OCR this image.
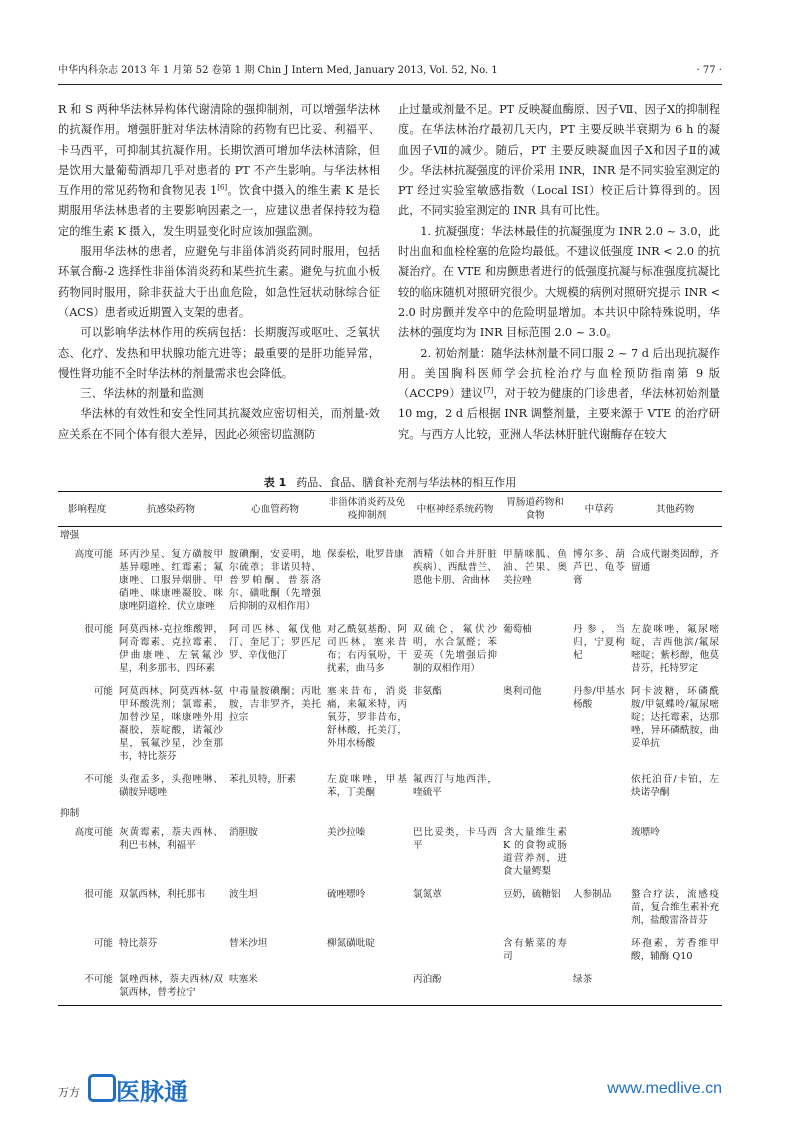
中华内科杂志 2013 年 1 月第 52 卷第 1 期 Chin J Intern Med, January 2013, Vol. 52, No. 1	· 77 ·

R 和 S 两种华法林异构体代谢清除的强抑制剂，可以增强华法林的抗凝作用。增强肝脏对华法林清除的药物有巴比妥、利福平、卡马西平，可抑制其抗凝作用。长期饮酒可增加华法林清除，但是饮用大量葡萄酒却几乎对患者的 PT 不产生影响。与华法林相互作用的常见药物和食物见表 1[6]。饮食中摄入的维生素 K 是长期服用华法林患者的主要影响因素之一，应建议患者保持较为稳定的维生素 K 摄入，发生明显变化时应该加强监测。

服用华法林的患者，应避免与非甾体消炎药同时服用，包括环氧合酶-2 选择性非甾体消炎药和某些抗生素。避免与抗血小板药物同时服用，除非获益大于出血危险，如急性冠状动脉综合征（ACS）患者或近期置入支架的患者。

可以影响华法林作用的疾病包括：长期腹泻或呕吐、乏氧状态、化疗、发热和甲状腺功能亢进等；最重要的是肝功能异常，慢性肾功能不全时华法林的剂量需求也会降低。

三、华法林的剂量和监测

华法林的有效性和安全性同其抗凝效应密切相关，而剂量-效应关系在不同个体有很大差异，因此必须密切监测防

止过量或剂量不足。PT 反映凝血酶原、因子Ⅶ、因子Ⅹ的抑制程度。在华法林治疗最初几天内，PT 主要反映半衰期为 6 h 的凝血因子Ⅶ的减少。随后，PT 主要反映凝血因子Ⅹ和因子Ⅱ的减少。华法林抗凝强度的评价采用 INR，INR 是不同实验室测定的 PT 经过实验室敏感指数（Local ISI）校正后计算得到的。因此，不同实验室测定的 INR 具有可比性。

1. 抗凝强度：华法林最佳的抗凝强度为 INR 2.0 ~ 3.0，此时出血和血栓栓塞的危险均最低。不建议低强度 INR < 2.0 的抗凝治疗。在 VTE 和房颤患者进行的低强度抗凝与标准强度抗凝比较的临床随机对照研究很少。大规模的病例对照研究提示 INR < 2.0 时房颤并发卒中的危险明显增加。本共识中除特殊说明，华法林的强度均为 INR 目标范围 2.0 ~ 3.0。

2. 初始剂量：随华法林剂量不同口服 2 ~ 7 d 后出现抗凝作用。美国胸科医师学会抗栓治疗与血栓预防指南第 9 版（ACCP9）建议[7]，对于较为健康的门诊患者，华法林初始剂量 10 mg，2 d 后根据 INR 调整剂量，主要来源于 VTE 的治疗研究。与西方人比较，亚洲人华法林肝脏代谢酶存在较大

表 1 药品、食品、膳食补充剂与华法林的相互作用
影响程度	抗感染药物	心血管药物	非甾体消炎药及免疫抑制剂	中枢神经系统药物	胃肠道药物和食物	中草药	其他药物
增强							
高度可能	环丙沙星、复方磺胺甲基异噁唑、红霉素；氟康唑、口服异烟肼、甲硝唑、咪康唑凝胶、咪康唑阴道栓、伏立康唑	胺碘酮，安妥明，地尔硫䓬；非诺贝特、普罗帕酮、普萘洛尔、磺吡酮（先增强后抑制的双相作用）	保泰松，吡罗昔康	酒精（如合并肝脏疾病）、西酞普兰、恩他卡朋、舍曲林	甲腈咪胍、鱼油、芒果、奥美拉唑	博尔多、葫芦巴、龟苓膏	合成代谢类固醇，齐留通
很可能	阿莫西林-克拉维酸钾，阿奇霉素、克拉霉素、伊曲康唑、左氧氟沙星，利多那韦、四环素	阿司匹林、氟伐他汀、奎尼丁；罗匹尼罗、辛伐他汀	对乙酰氨基酚、阿司匹林，塞来昔布；右丙氧吩，干扰素，曲马多	双硫仑，氟伏沙明，水合氯醛；苯妥英（先增强后抑制的双相作用）	葡萄柚	丹参，当归，宁夏枸杞	左旋咪唑，氟尿嘧啶，吉西他滨/氟尿嘧啶；紫杉醇，他莫昔芬，托特罗定
可能	阿莫西林、阿莫西林-氨甲环酸洗剂；氯霉素，加替沙星，咪康唑外用凝胶，萘啶酸，诺氟沙星，氧氟沙星，沙奎那韦，特比萘芬	中毒量胺碘酮；丙吡胺，吉非罗齐，美托拉宗	塞来昔布，消炎痛，来氟米特，丙氧芬，罗非昔布，舒林酸，托美汀，外用水杨酸	非氨酯	奥利司他	丹参/甲基水杨酸	阿卡波糖，环磷酰胺/甲氨蝶呤/氟尿嘧啶；达托霉素，达那唑，异环磷酰胺，曲妥单抗
不可能	头孢孟多，头孢唑啉、磺胺异噁唑	苯扎贝特，肝素	左旋咪唑，甲基苯，丁美酮	氟西汀与地西泮，喹硫平			依托泊苷/卡铂，左炔诺孕酮
抑制							
高度可能	灰黄霉素，萘夫西林、利巴韦林，利福平	消胆胺	美沙拉嗪	巴比妥类，卡马西平	含大量维生素 K 的食物或肠道营养剂，进食大量鳄梨		巯嘌呤
很可能	双氯西林，利托那韦	波生坦	硫唑嘌呤	氯氮䓬	豆奶，硫糖铝	人参制品	螯合疗法，流感疫苗，复合维生素补充剂，盐酸雷洛昔芬
可能	特比萘芬	替米沙坦	柳氮磺吡啶		含有紫菜的寿司		环孢素，芳香维甲酸，辅酶 Q10
不可能	氯唑西林，萘夫西林/双氯西林，替考拉宁	呋塞米		丙泊酚		绿茶	
万方 医脉通	www.medlive.cn
